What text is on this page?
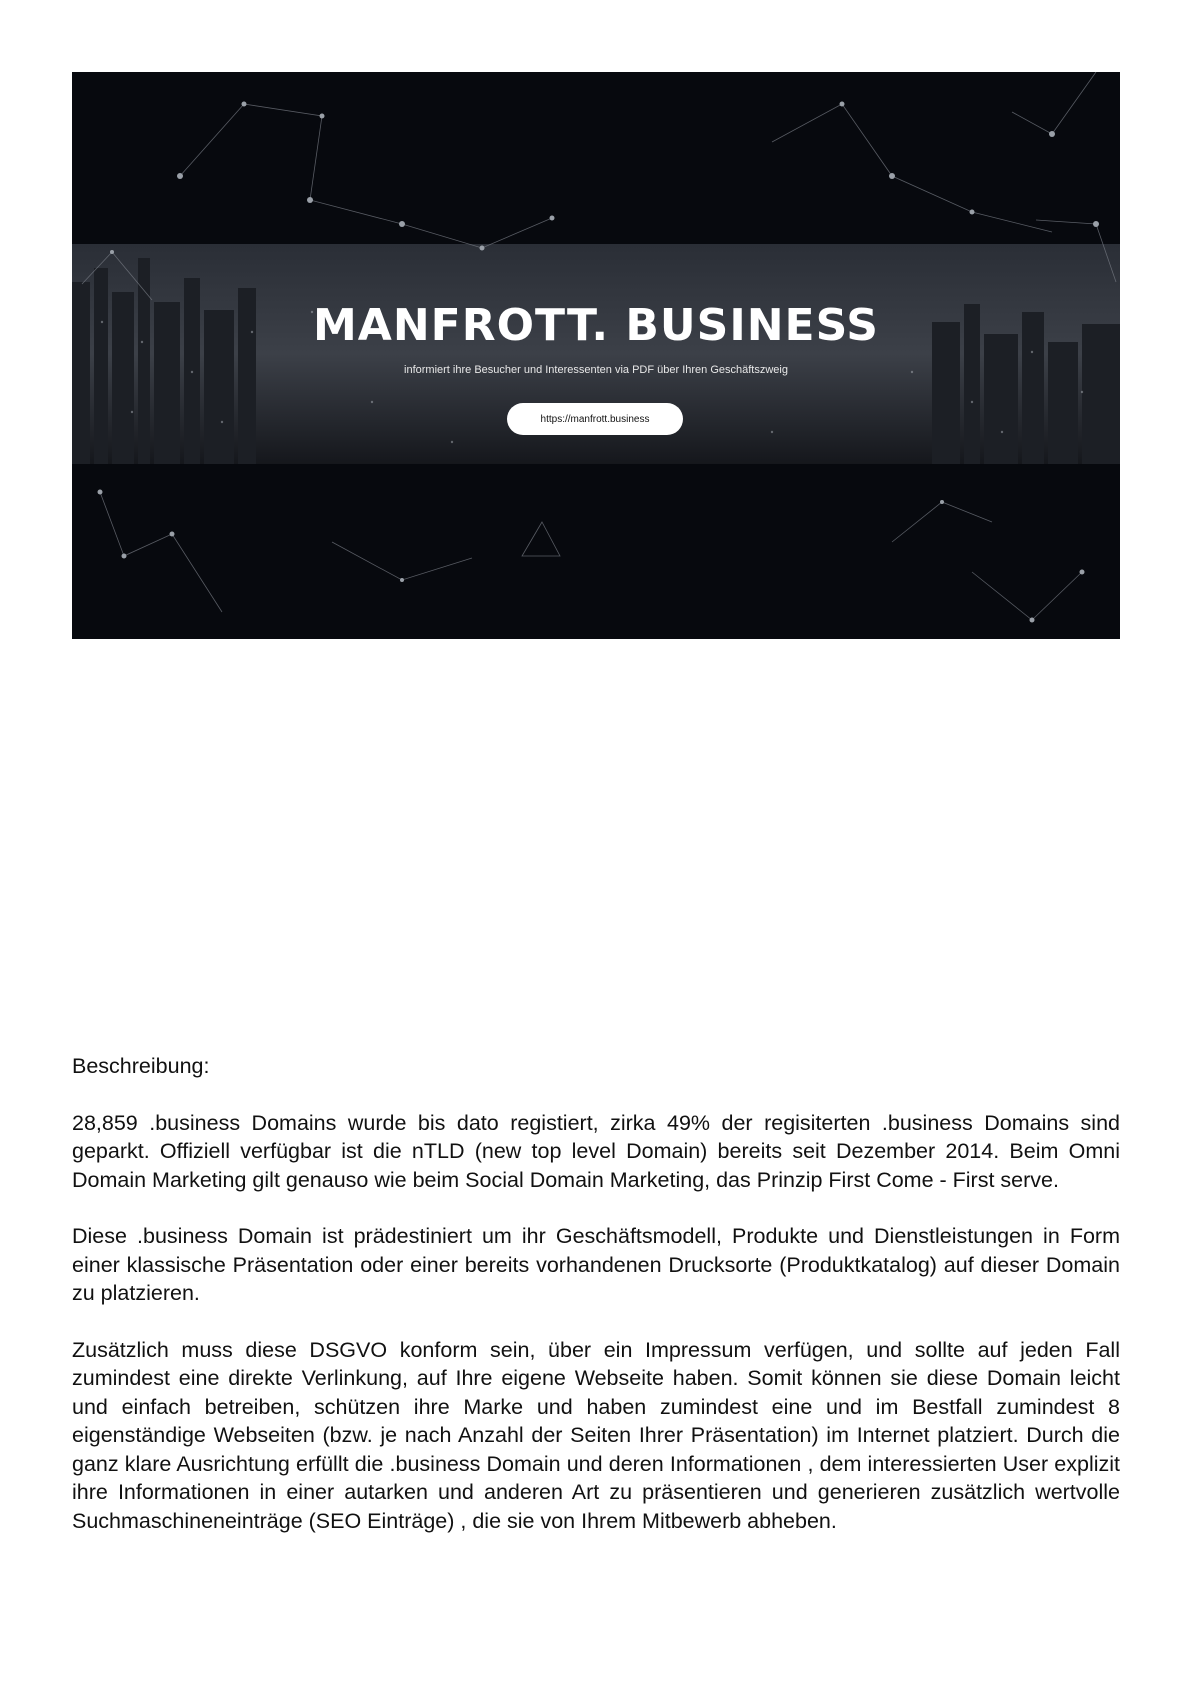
MANFROTT. BUSINESS
informiert ihre Besucher und Interessenten via PDF über Ihren Geschäftszweig
https://manfrott.business
Beschreibung:

28,859 .business Domains wurde bis dato registiert, zirka 49% der regisiterten .business Domains sind geparkt. Offiziell verfügbar ist die nTLD (new top level Domain) bereits seit Dezember 2014. Beim Omni Domain Marketing gilt genauso wie beim Social Domain Marketing, das Prinzip First Come - First serve.

Diese .business Domain ist prädestiniert um ihr Geschäftsmodell, Produkte und Dienstleistungen in Form einer klassische Präsentation oder einer bereits vorhandenen Drucksorte (Produktkatalog) auf dieser Domain zu platzieren.

Zusätzlich muss diese DSGVO konform sein, über ein Impressum verfügen, und sollte auf jeden Fall zumindest eine direkte Verlinkung, auf Ihre eigene Webseite haben. Somit können sie diese Domain leicht und einfach betreiben, schützen ihre Marke und haben zumindest eine und im Bestfall zumindest 8 eigenständige Webseiten (bzw. je nach Anzahl der Seiten Ihrer Präsentation) im Internet platziert. Durch die ganz klare Ausrichtung erfüllt die .business Domain und deren Informationen , dem interessierten User explizit ihre Informationen in einer autarken und anderen Art zu präsentieren und generieren zusätzlich wertvolle Suchmaschineneinträge (SEO Einträge) , die sie von Ihrem Mitbewerb abheben.
